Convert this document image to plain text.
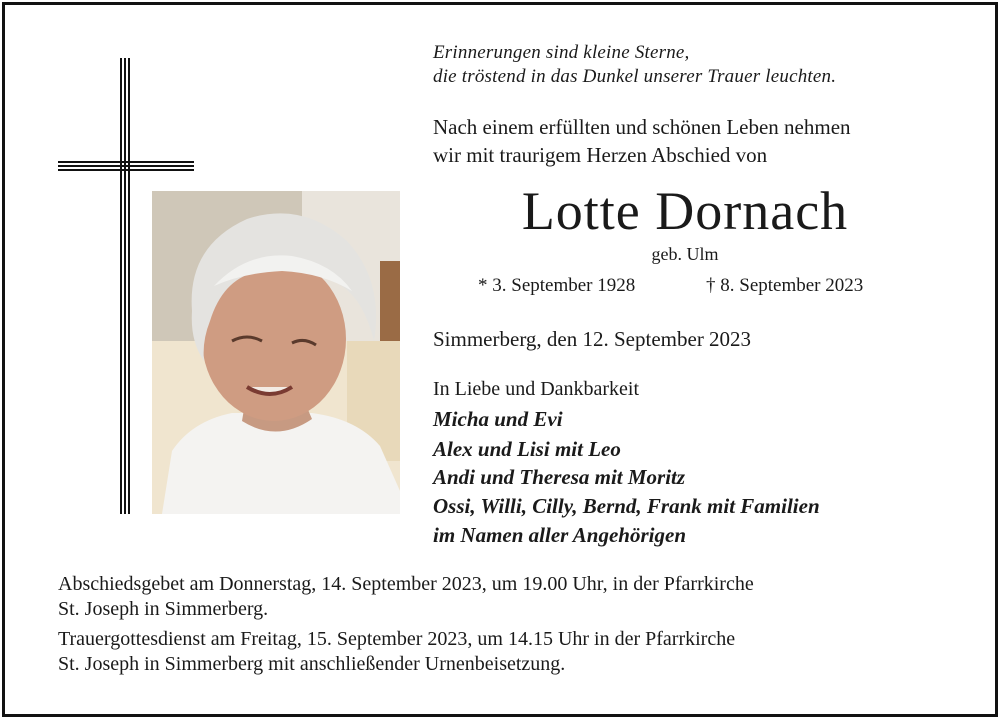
Erinnerungen sind kleine Sterne,
die tröstend in das Dunkel unserer Trauer leuchten.
Nach einem erfüllten und schönen Leben nehmen
wir mit traurigem Herzen Abschied von
Lotte Dornach
geb. Ulm
* 3. September 1928	† 8. September 2023
Simmerberg, den 12. September 2023
In Liebe und Dankbarkeit
Micha und Evi
Alex und Lisi mit Leo
Andi und Theresa mit Moritz
Ossi, Willi, Cilly, Bernd, Frank mit Familien
im Namen aller Angehörigen
Abschiedsgebet am Donnerstag, 14. September 2023, um 19.00 Uhr, in der Pfarrkirche
St. Joseph in Simmerberg.
Trauergottesdienst am Freitag, 15. September 2023, um 14.15 Uhr in der Pfarrkirche
St. Joseph in Simmerberg mit anschließender Urnenbeisetzung.
